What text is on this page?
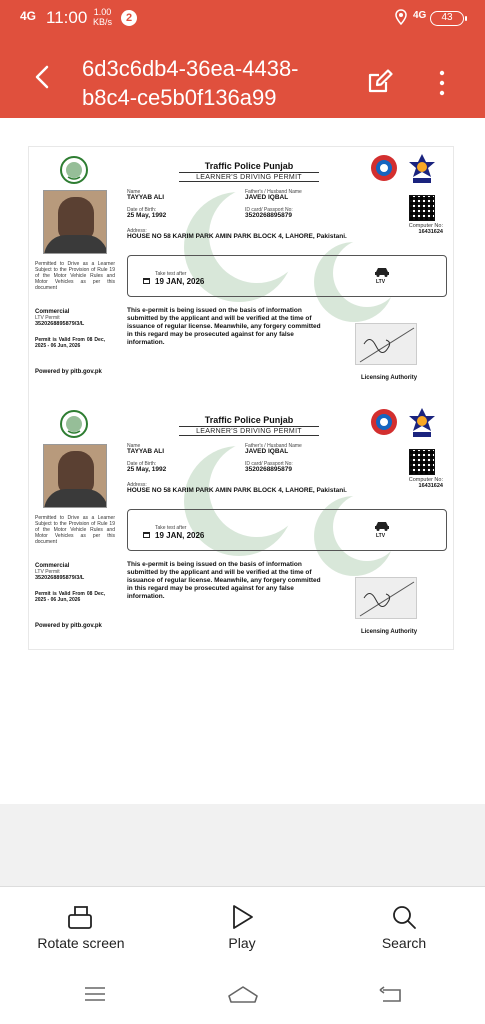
4G 11:00 1.00
KB/s	2	4G	43
6d3c6db4-36ea-4438-b8c4-ce5b0f136a99
Traffic Police Punjab
LEARNER'S DRIVING PERMIT
Name
TAYYAB ALI
Father's / Husband Name
JAVED IQBAL
Date of Birth:
25 May, 1992
ID card/ Passport No:
3520268895879
Address:
HOUSE NO 58 KARIM PARK AMIN PARK BLOCK 4, LAHORE, Pakistani.
Computer No:
16431624
Permitted to Drive as a Learner Subject to the Provision of Rule 19 of the Motor Vehicle Rules and Motor Vehicles as per this document
Commercial
LTV Permit
3520268895879/3/L
Permit is Valid From 08 Dec, 2025 - 06 Jun, 2026
Take test after
19 JAN, 2026	LTV
This e-permit is being issued on the basis of information submitted by the applicant and will be verified at the time of issuance of regular license. Meanwhile, any forgery committed in this regard may be prosecuted against for any false information.
Licensing Authority
Powered by pitb.gov.pk
Traffic Police Punjab
LEARNER'S DRIVING PERMIT
Name
TAYYAB ALI
Father's / Husband Name
JAVED IQBAL
Date of Birth:
25 May, 1992
ID card/ Passport No:
3520268895879
Address:
HOUSE NO 58 KARIM PARK AMIN PARK BLOCK 4, LAHORE, Pakistani.
Computer No:
16431624
Permitted to Drive as a Learner Subject to the Provision of Rule 19 of the Motor Vehicle Rules and Motor Vehicles as per this document
Commercial
LTV Permit
3520268895879/3/L
Permit is Valid From 08 Dec, 2025 - 06 Jun, 2026
Take test after
19 JAN, 2026	LTV
This e-permit is being issued on the basis of information submitted by the applicant and will be verified at the time of issuance of regular license. Meanwhile, any forgery committed in this regard may be prosecuted against for any false information.
Licensing Authority
Powered by pitb.gov.pk
Rotate screen	Play	Search
